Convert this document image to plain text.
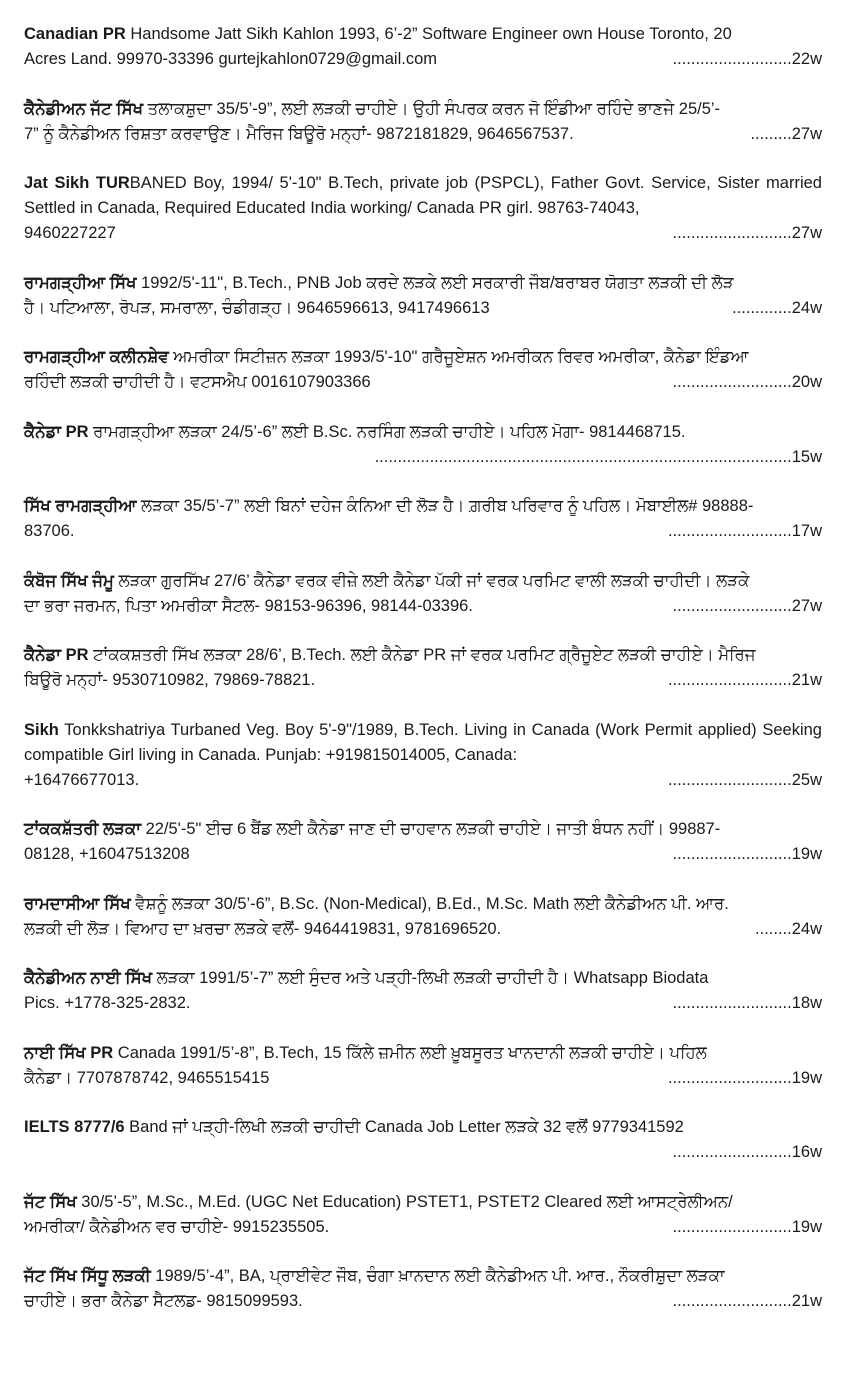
Canadian PR Handsome Jatt Sikh Kahlon 1993, 6’-2” Software Engineer own House Toronto, 20
Acres Land. 99970-33396 gurtejkahlon0729@gmail.com	..........................22w
ਕੈਨੇਡੀਅਨ ਜੱਟ ਸਿੱਖ ਤਲਾਕਸ਼ੁਦਾ 35/5’-9”, ਲਈ ਲੜਕੀ ਚਾਹੀਏ। ਉਹੀ ਸੰਪਰਕ ਕਰਨ ਜੋ ਇੰਡੀਆ ਰਹਿੰਦੇ ਭਾਣਜੇ 25/5’-
7” ਨੂੰ ਕੈਨੇਡੀਅਨ ਰਿਸ਼ਤਾ ਕਰਵਾਉਣ। ਮੈਰਿਜ ਬਿਊਰੋ ਮਨ੍ਹਾਂ- 9872181829, 9646567537.	.........27w
Jat Sikh TURBANED Boy, 1994/ 5'-10" B.Tech, private job (PSPCL), Father Govt. Service, Sister married Settled in Canada, Required Educated India working/ Canada PR girl. 98763-74043,
9460227227	..........................27w
ਰਾਮਗੜ੍ਹੀਆ ਸਿੱਖ 1992/5'-11", B.Tech., PNB Job ਕਰਦੇ ਲੜਕੇ ਲਈ ਸਰਕਾਰੀ ਜੌਬ/ਬਰਾਬਰ ਯੋਗਤਾ ਲੜਕੀ ਦੀ ਲੋੜ
ਹੈ। ਪਟਿਆਲਾ, ਰੋਪੜ, ਸਮਰਾਲਾ, ਚੰਡੀਗੜ੍ਹ। 9646596613, 9417496613	.............24w
ਰਾਮਗੜ੍ਹੀਆ ਕਲੀਨਸ਼ੇਵ ਅਮਰੀਕਾ ਸਿਟੀਜ਼ਨ ਲੜਕਾ 1993/5'-10" ਗਰੈਜੂਏਸ਼ਨ ਅਮਰੀਕਨ ਰਿਵਰ ਅਮਰੀਕਾ, ਕੈਨੇਡਾ ਇੰਡਆ
ਰਹਿੰਦੀ ਲੜਕੀ ਚਾਹੀਦੀ ਹੈ। ਵਟਸਐਪ 0016107903366	..........................20w
ਕੈਨੇਡਾ PR ਰਾਮਗੜ੍ਹੀਆ ਲੜਕਾ 24/5’-6” ਲਈ B.Sc. ਨਰਸਿੰਗ ਲੜਕੀ ਚਾਹੀਏ। ਪਹਿਲ ਮੋਗਾ- 9814468715.
...........................................................................................15w
ਸਿੱਖ ਰਾਮਗੜ੍ਹੀਆ ਲੜਕਾ 35/5’-7” ਲਈ ਬਿਨਾਂ ਦਹੇਜ ਕੰਨਿਆ ਦੀ ਲੋੜ ਹੈ। ਗ਼ਰੀਬ ਪਰਿਵਾਰ ਨੂੰ ਪਹਿਲ। ਮੋਬਾਈਲ# 98888-
83706.	...........................17w
ਕੰਬੋਜ ਸਿੱਖ ਜੰਮੂ ਲੜਕਾ ਗੁਰਸਿੱਖ 27/6’ ਕੈਨੇਡਾ ਵਰਕ ਵੀਜ਼ੇ ਲਈ ਕੈਨੇਡਾ ਪੱਕੀ ਜਾਂ ਵਰਕ ਪਰਮਿਟ ਵਾਲੀ ਲੜਕੀ ਚਾਹੀਦੀ। ਲੜਕੇ
ਦਾ ਭਰਾ ਜਰਮਨ, ਪਿਤਾ ਅਮਰੀਕਾ ਸੈਟਲ- 98153-96396, 98144-03396.	..........................27w
ਕੈਨੇਡਾ PR ਟਾਂਕਕਸ਼ਤਰੀ ਸਿੱਖ ਲੜਕਾ 28/6’, B.Tech. ਲਈ ਕੈਨੇਡਾ PR ਜਾਂ ਵਰਕ ਪਰਮਿਟ ਗ੍ਰੈਜੂਏਟ ਲੜਕੀ ਚਾਹੀਏ। ਮੈਰਿਜ
ਬਿਊਰੋ ਮਨ੍ਹਾਂ- 9530710982, 79869-78821.	...........................21w
Sikh Tonkkshatriya Turbaned Veg. Boy 5'-9"/1989, B.Tech. Living in Canada (Work Permit applied) Seeking compatible Girl living in Canada. Punjab: +919815014005, Canada:
+16476677013.	...........................25w
ਟਾਂਕਕਸ਼ੱਤਰੀ ਲੜਕਾ 22/5'-5" ਈਚ 6 ਬੈਂਡ ਲਈ ਕੈਨੇਡਾ ਜਾਣ ਦੀ ਚਾਹਵਾਨ ਲੜਕੀ ਚਾਹੀਏ। ਜਾਤੀ ਬੰਧਨ ਨਹੀਂ। 99887-
08128, +16047513208	..........................19w
ਰਾਮਦਾਸੀਆ ਸਿੱਖ ਵੈਸ਼ਨੂੰ ਲੜਕਾ 30/5’-6”, B.Sc. (Non-Medical), B.Ed., M.Sc. Math ਲਈ ਕੈਨੇਡੀਅਨ ਪੀ. ਆਰ.
ਲੜਕੀ ਦੀ ਲੋੜ। ਵਿਆਹ ਦਾ ਖ਼ਰਚਾ ਲੜਕੇ ਵਲੋਂ- 9464419831, 9781696520.	........24w
ਕੈਨੇਡੀਅਨ ਨਾਈ ਸਿੱਖ ਲੜਕਾ 1991/5’-7” ਲਈ ਸੁੰਦਰ ਅਤੇ ਪੜ੍ਹੀ-ਲਿਖੀ ਲੜਕੀ ਚਾਹੀਦੀ ਹੈ। Whatsapp Biodata
Pics. +1778-325-2832.	..........................18w
ਨਾਈ ਸਿੱਖ PR Canada 1991/5’-8”, B.Tech, 15 ਕਿੱਲੇ ਜ਼ਮੀਨ ਲਈ ਖ਼ੂਬਸੂਰਤ ਖਾਨਦਾਨੀ ਲੜਕੀ ਚਾਹੀਏ। ਪਹਿਲ
ਕੈਨੇਡਾ। 7707878742, 9465515415	...........................19w
IELTS 8777/6 Band ਜਾਂ ਪੜ੍ਹੀ-ਲਿਖੀ ਲੜਕੀ ਚਾਹੀਦੀ Canada Job Letter ਲੜਕੇ 32 ਵਲੋਂ 9779341592
..........................16w
ਜੱਟ ਸਿੱਖ 30/5’-5”, M.Sc., M.Ed. (UGC Net Education) PSTET1, PSTET2 Cleared ਲਈ ਆਸਟ੍ਰੇਲੀਅਨ/
ਅਮਰੀਕਾ/ ਕੈਨੇਡੀਅਨ ਵਰ ਚਾਹੀਏ- 9915235505.	..........................19w
ਜੱਟ ਸਿੱਖ ਸਿੱਧੂ ਲੜਕੀ 1989/5’-4”, BA, ਪ੍ਰਾਈਵੇਟ ਜੌਬ, ਚੰਗਾ ਖ਼ਾਨਦਾਨ ਲਈ ਕੈਨੇਡੀਅਨ ਪੀ. ਆਰ., ਨੌਕਰੀਸ਼ੁਦਾ ਲੜਕਾ
ਚਾਹੀਏ। ਭਰਾ ਕੈਨੇਡਾ ਸੈਟਲਡ- 9815099593.	..........................21w
